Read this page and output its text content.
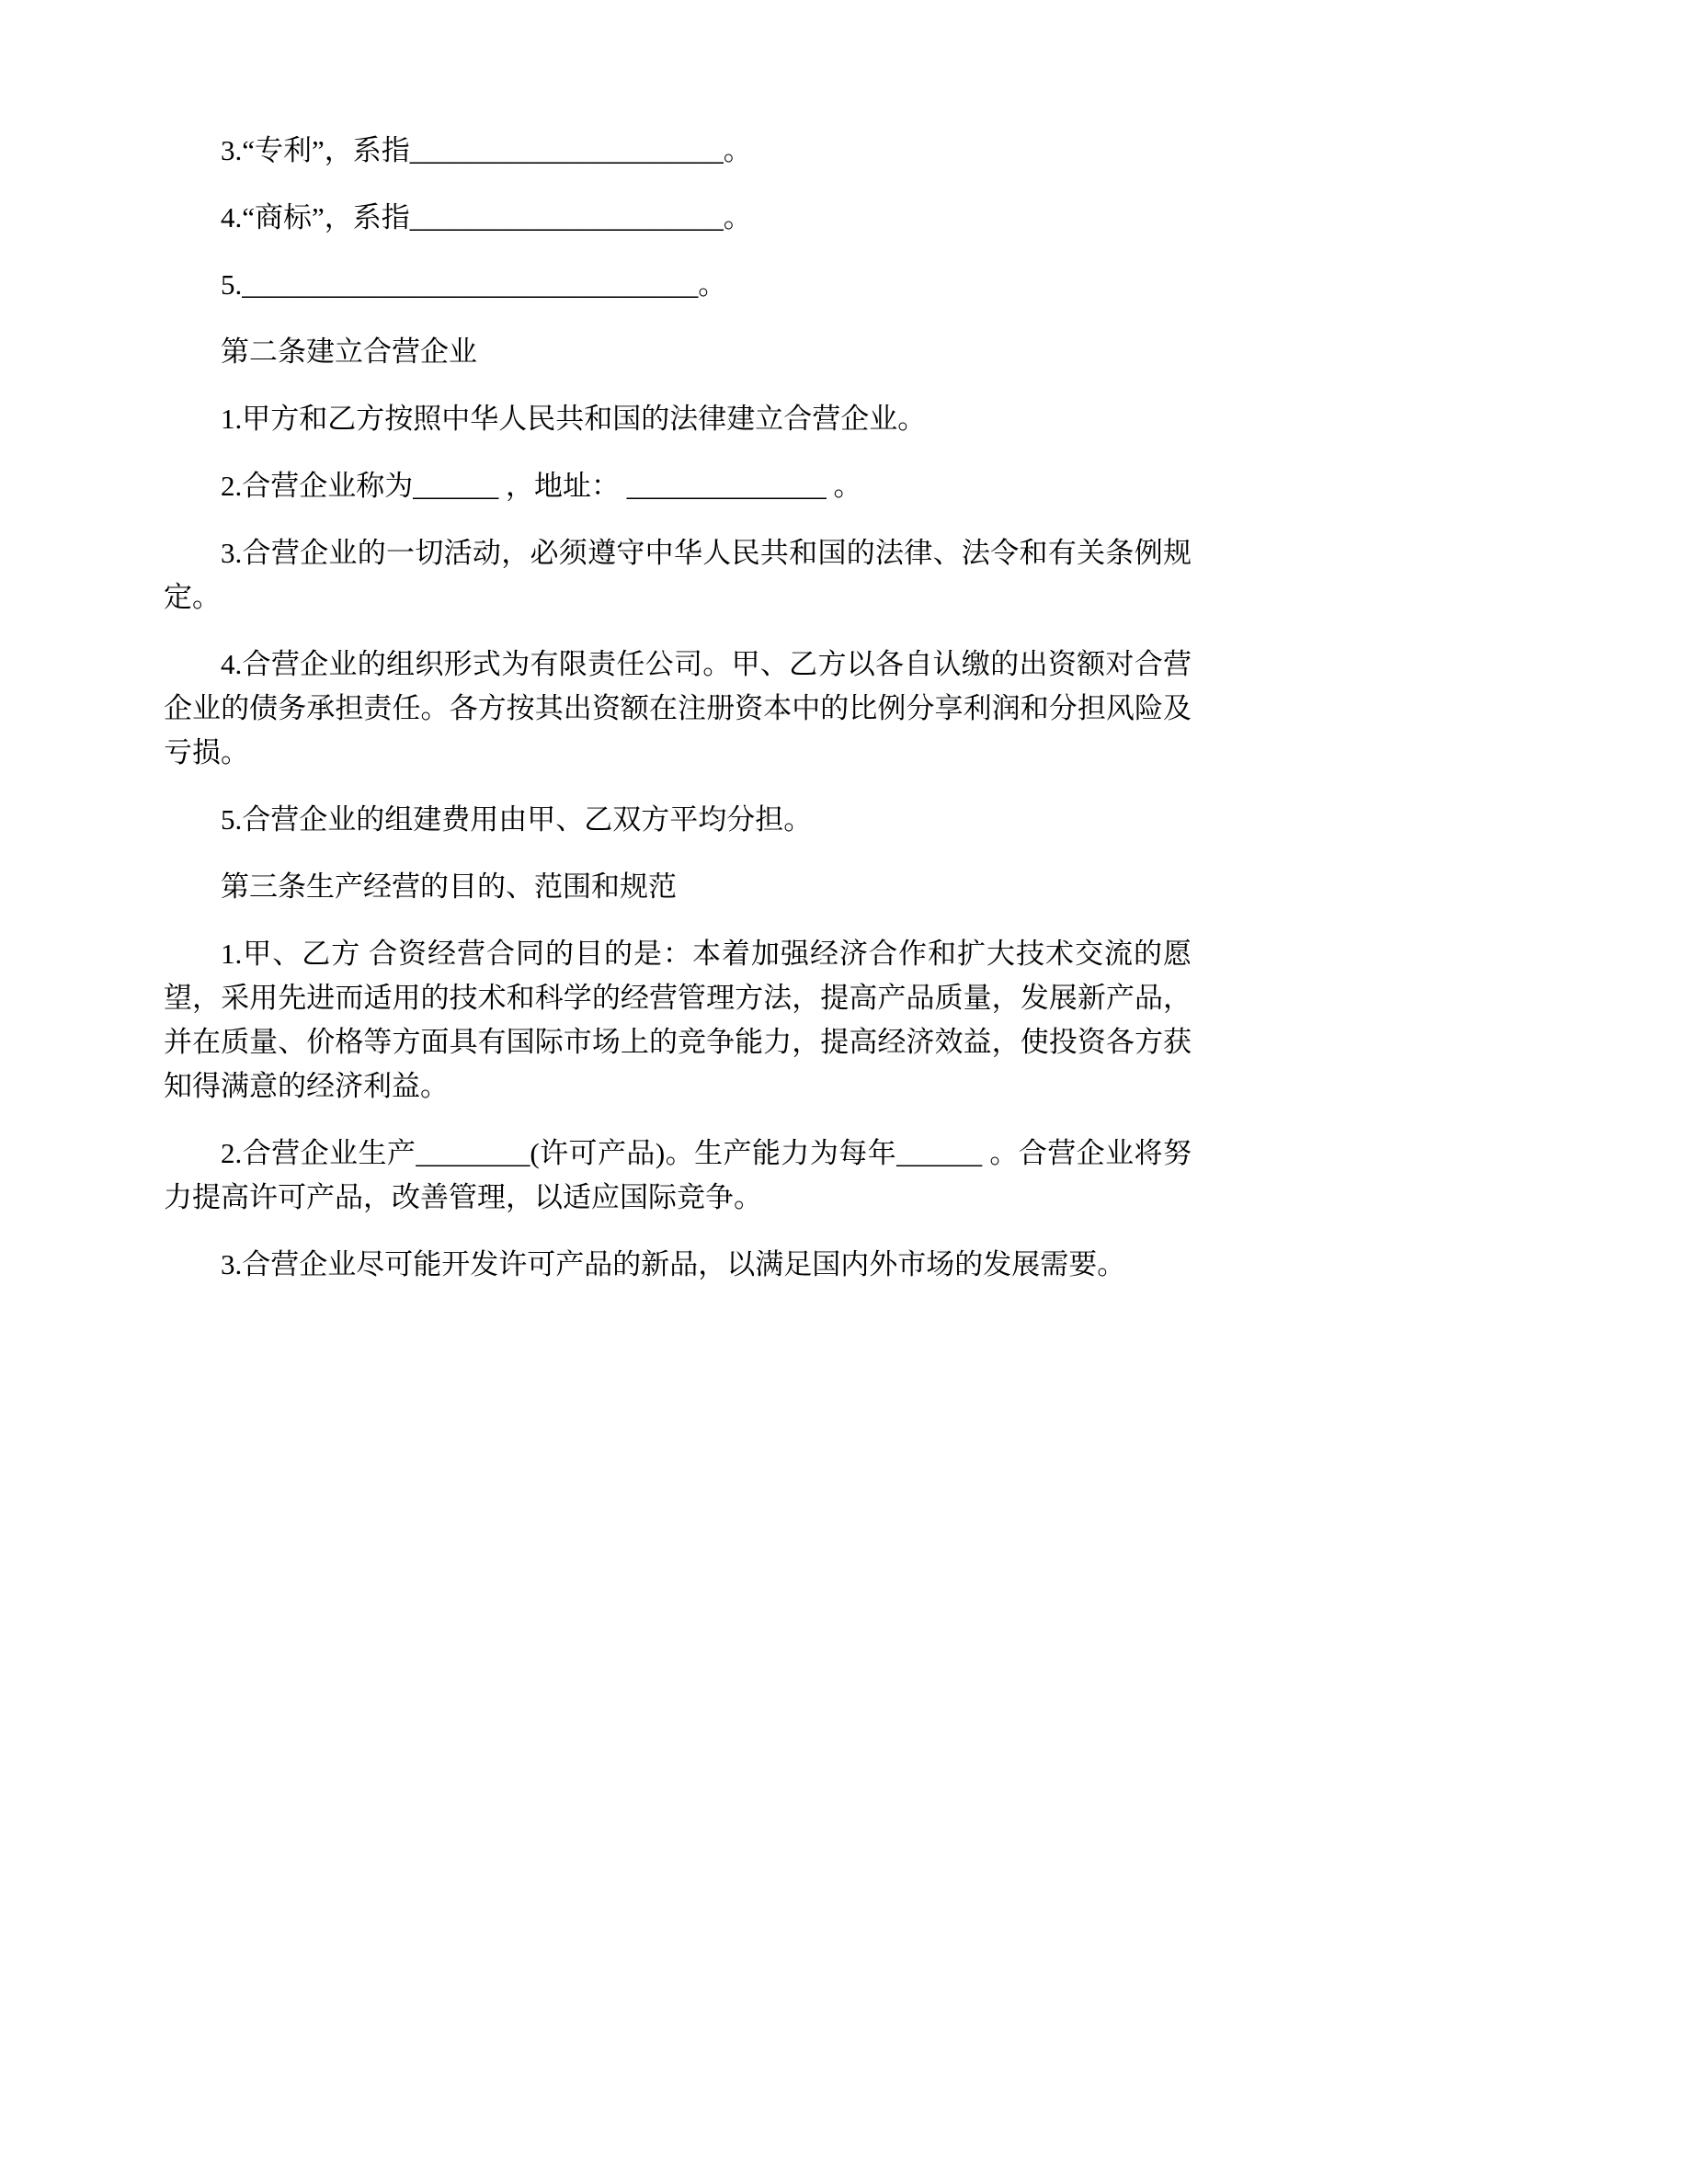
3.“专利”，系指______________________。

4.“商标”，系指______________________。

5.________________________________。

第二条建立合营企业

1.甲方和乙方按照中华人民共和国的法律建立合营企业。

2.合营企业称为______ ，地址： ______________ 。

3.合营企业的一切活动，必须遵守中华人民共和国的法律、法令和有关条例规定。

4.合营企业的组织形式为有限责任公司。甲、乙方以各自认缴的出资额对合营企业的债务承担责任。各方按其出资额在注册资本中的比例分享利润和分担风险及亏损。

5.合营企业的组建费用由甲、乙双方平均分担。

第三条生产经营的目的、范围和规范

1.甲、乙方 合资经营合同的目的是：本着加强经济合作和扩大技术交流的愿望，采用先进而适用的技术和科学的经营管理方法，提高产品质量，发展新产品，并在质量、价格等方面具有国际市场上的竞争能力，提高经济效益，使投资各方获知得满意的经济利益。

2.合营企业生产________(许可产品)。生产能力为每年______ 。合营企业将努力提高许可产品，改善管理，以适应国际竞争。

3.合营企业尽可能开发许可产品的新品，以满足国内外市场的发展需要。
